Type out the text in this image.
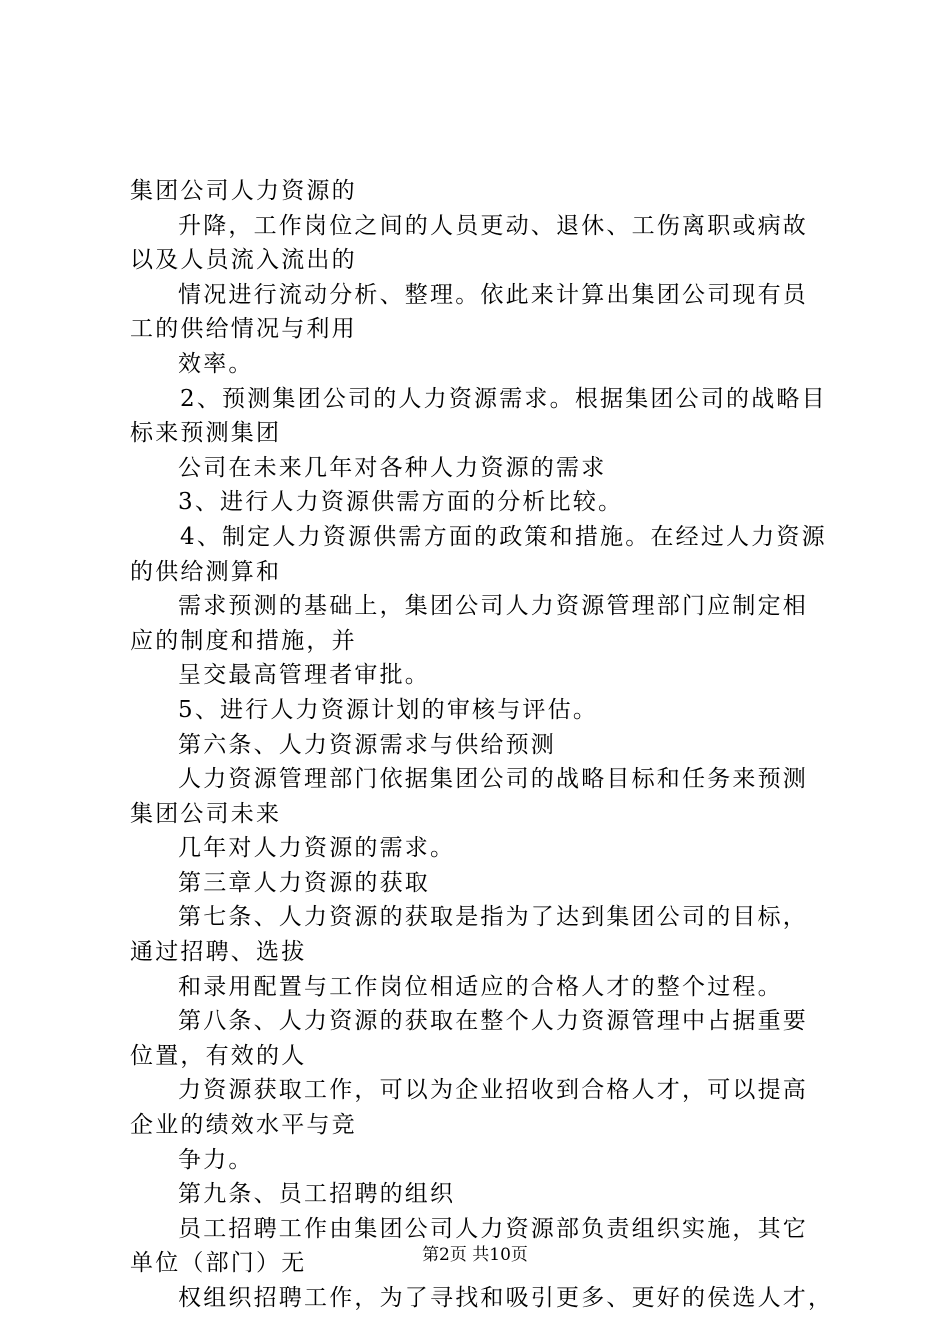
集团公司人力资源的
升降，工作岗位之间的人员更动、退休、工伤离职或病故
以及人员流入流出的
情况进行流动分析、整理。依此来计算出集团公司现有员
工的供给情况与利用
效率。
2、预测集团公司的人力资源需求。根据集团公司的战略目
标来预测集团
公司在未来几年对各种人力资源的需求
3、进行人力资源供需方面的分析比较。
4、制定人力资源供需方面的政策和措施。在经过人力资源
的供给测算和
需求预测的基础上，集团公司人力资源管理部门应制定相
应的制度和措施，并
呈交最高管理者审批。
5、进行人力资源计划的审核与评估。
第六条、人力资源需求与供给预测
人力资源管理部门依据集团公司的战略目标和任务来预测
集团公司未来
几年对人力资源的需求。
第三章人力资源的获取
第七条、人力资源的获取是指为了达到集团公司的目标，
通过招聘、选拔
和录用配置与工作岗位相适应的合格人才的整个过程。
第八条、人力资源的获取在整个人力资源管理中占据重要
位置，有效的人
力资源获取工作，可以为企业招收到合格人才，可以提高
企业的绩效水平与竞
争力。
第九条、员工招聘的组织
员工招聘工作由集团公司人力资源部负责组织实施，其它
单位（部门）无
权组织招聘工作，为了寻找和吸引更多、更好的侯选人才，
第2页 共10页
